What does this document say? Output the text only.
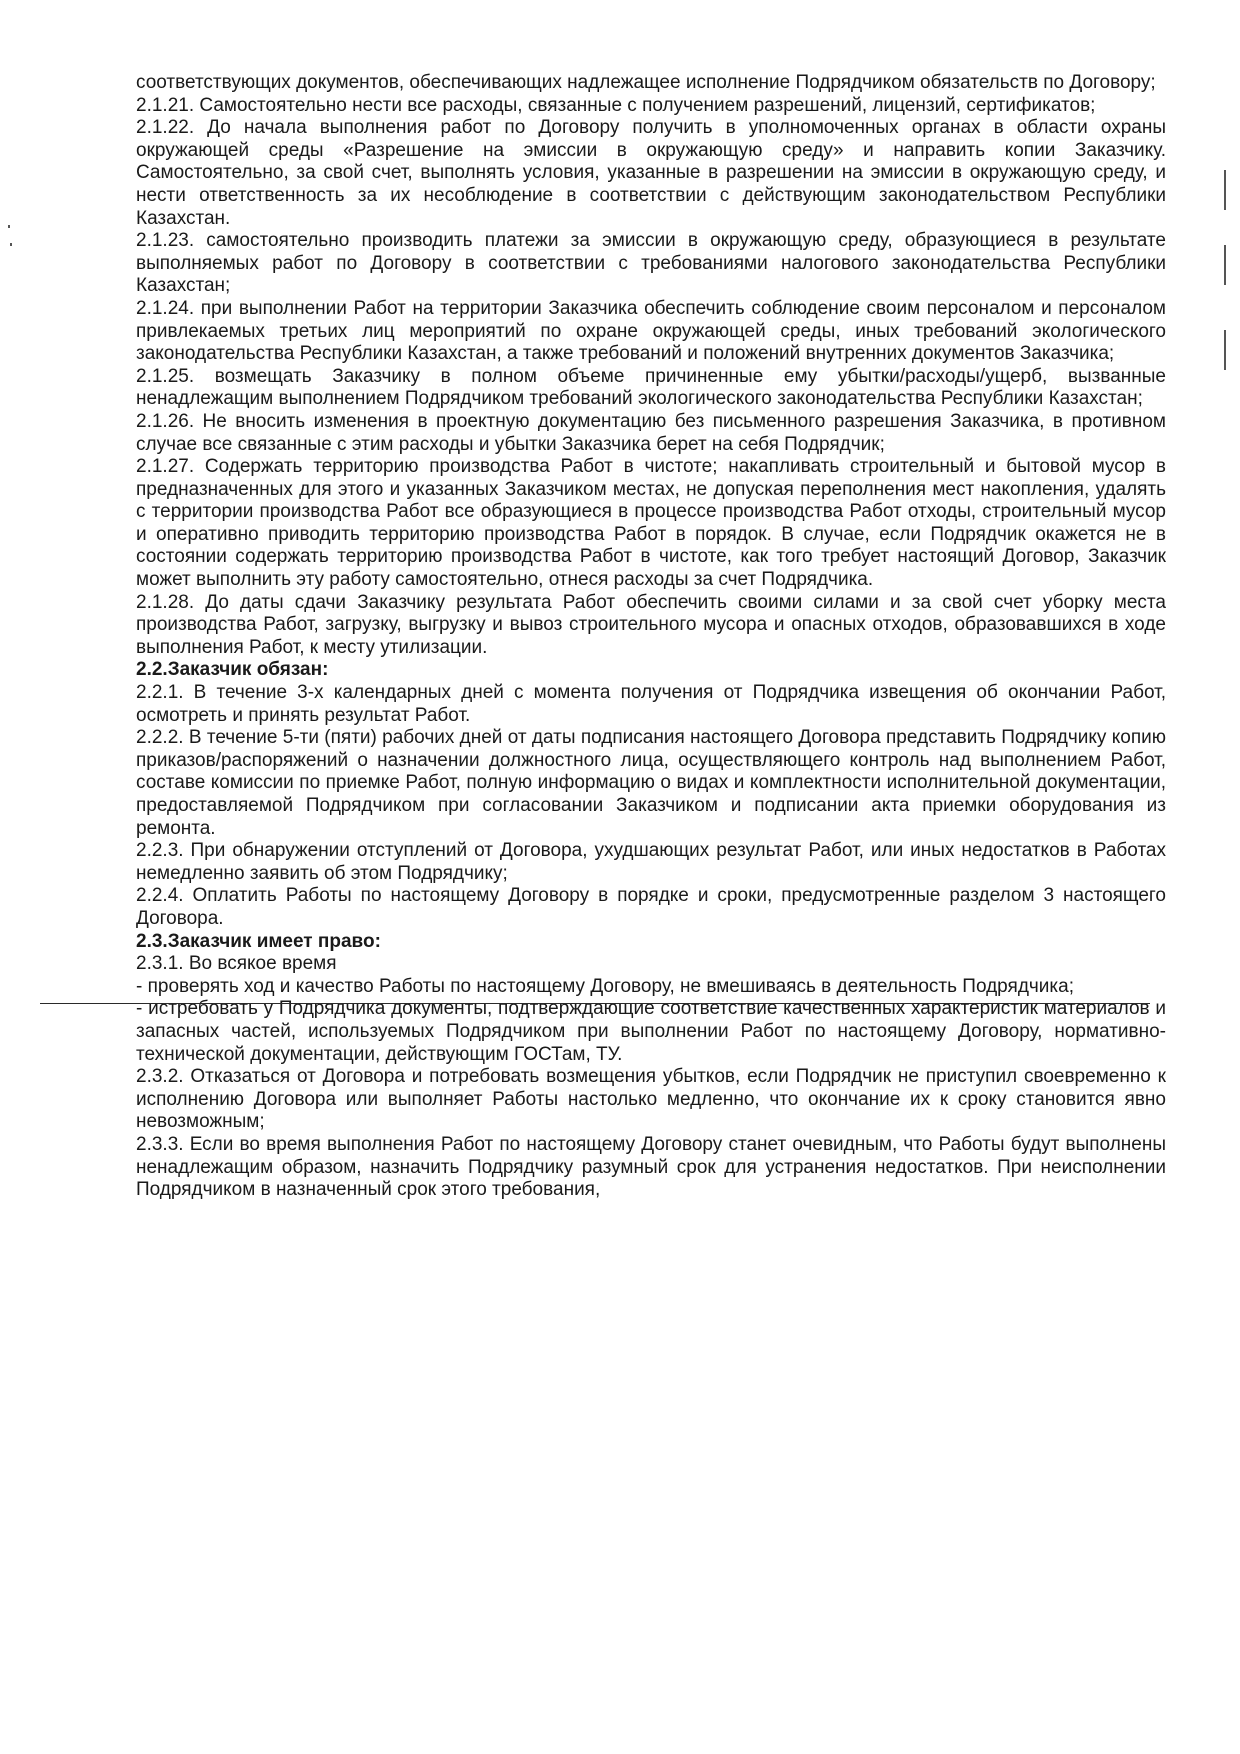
соответствующих документов, обеспечивающих надлежащее исполнение Подрядчиком обязательств по Договору;

2.1.21. Самостоятельно нести все расходы, связанные с получением разрешений, лицензий, сертификатов;

2.1.22. До начала выполнения работ по Договору получить в уполномоченных органах в области охраны окружающей среды «Разрешение на эмиссии в окружающую среду» и направить копии Заказчику. Самостоятельно, за свой счет, выполнять условия, указанные в разрешении на эмиссии в окружающую среду, и нести ответственность за их несоблюдение в соответствии с действующим законодательством Республики Казахстан.

2.1.23. самостоятельно производить платежи за эмиссии в окружающую среду, образующиеся в результате выполняемых работ по Договору в соответствии с требованиями налогового законодательства Республики Казахстан;

2.1.24. при выполнении Работ на территории Заказчика обеспечить соблюдение своим персоналом и персоналом привлекаемых третьих лиц мероприятий по охране окружающей среды, иных требований экологического законодательства Республики Казахстан, а также требований и положений внутренних документов Заказчика;

2.1.25. возмещать Заказчику в полном объеме причиненные ему убытки/расходы/ущерб, вызванные ненадлежащим выполнением Подрядчиком требований экологического законодательства Республики Казахстан;

2.1.26. Не вносить изменения в проектную документацию без письменного разрешения Заказчика, в противном случае все связанные с этим расходы и убытки Заказчика берет на себя Подрядчик;

2.1.27. Содержать территорию производства Работ в чистоте; накапливать строительный и бытовой мусор в предназначенных для этого и указанных Заказчиком местах, не допуская переполнения мест накопления, удалять с территории производства Работ все образующиеся в процессе производства Работ отходы, строительный мусор и оперативно приводить территорию производства Работ в порядок. В случае, если Подрядчик окажется не в состоянии содержать территорию производства Работ в чистоте, как того требует настоящий Договор, Заказчик может выполнить эту работу самостоятельно, отнеся расходы за счет Подрядчика.

2.1.28. До даты сдачи Заказчику результата Работ обеспечить своими силами и за свой счет уборку места производства Работ, загрузку, выгрузку и вывоз строительного мусора и опасных отходов, образовавшихся в ходе выполнения Работ, к месту утилизации.

2.2.Заказчик обязан:

2.2.1. В течение 3-х календарных дней с момента получения от Подрядчика извещения об окончании Работ, осмотреть и принять результат Работ.

2.2.2. В течение 5-ти (пяти) рабочих дней от даты подписания настоящего Договора представить Подрядчику копию приказов/распоряжений о назначении должностного лица, осуществляющего контроль над выполнением Работ, составе комиссии по приемке Работ, полную информацию о видах и комплектности исполнительной документации, предоставляемой Подрядчиком при согласовании Заказчиком и подписании акта приемки оборудования из ремонта.

2.2.3. При обнаружении отступлений от Договора, ухудшающих результат Работ, или иных недостатков в Работах немедленно заявить об этом Подрядчику;

2.2.4. Оплатить Работы по настоящему Договору в порядке и сроки, предусмотренные разделом 3 настоящего Договора.

2.3.Заказчик имеет право:

2.3.1. Во всякое время

- проверять ход и качество Работы по настоящему Договору, не вмешиваясь в деятельность Подрядчика;

- истребовать у Подрядчика документы, подтверждающие соответствие качественных характеристик материалов и запасных частей, используемых Подрядчиком при выполнении Работ по настоящему Договору, нормативно-технической документации, действующим ГОСТам, ТУ.

2.3.2. Отказаться от Договора и потребовать возмещения убытков, если Подрядчик не приступил своевременно к исполнению Договора или выполняет Работы настолько медленно, что окончание их к сроку становится явно невозможным;

2.3.3. Если во время выполнения Работ по настоящему Договору станет очевидным, что Работы будут выполнены ненадлежащим образом, назначить Подрядчику разумный срок для устранения недостатков. При неисполнении Подрядчиком в назначенный срок этого требования,
